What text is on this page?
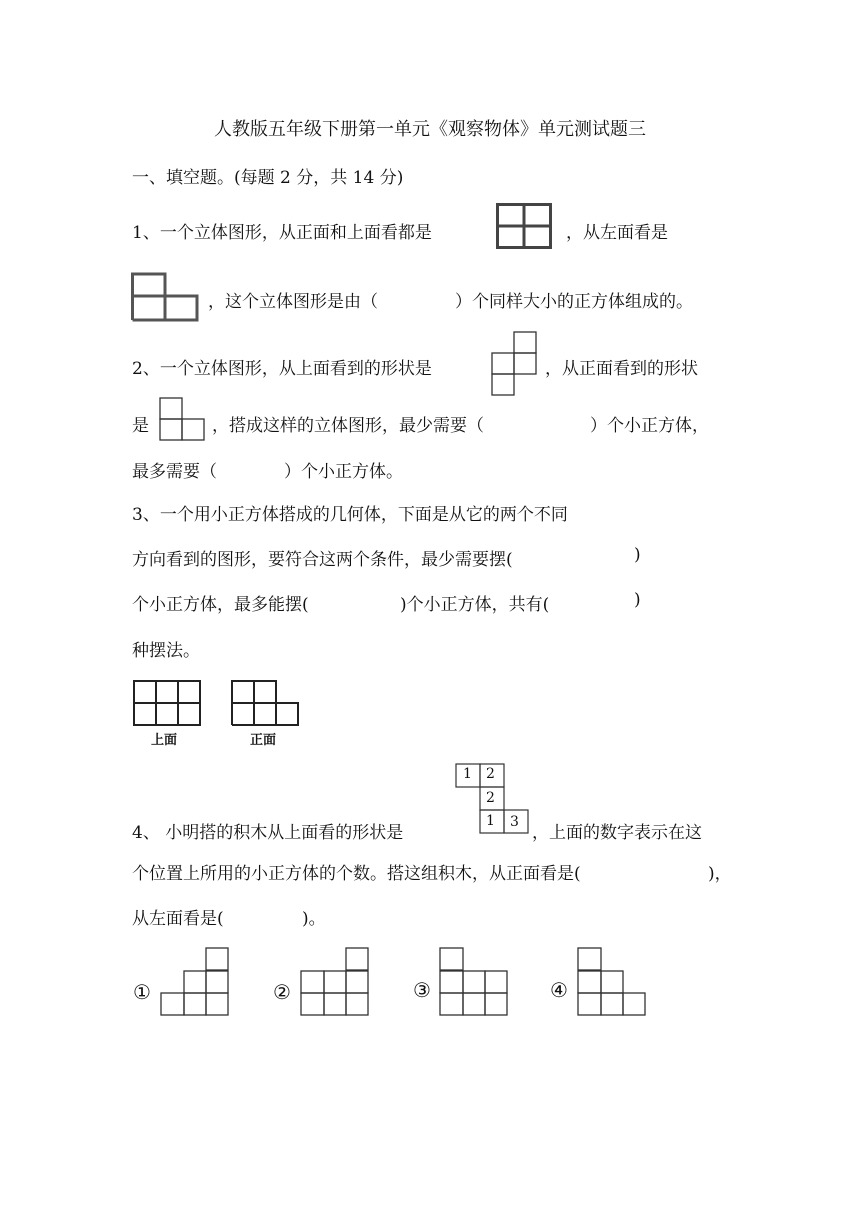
人教版五年级下册第一单元《观察物体》单元测试题三
一、填空题。(每题 2 分，共 14 分)
1、一个立体图形，从正面和上面看都是	，从左面看是
，这个立体图形是由（	）个同样大小的正方体组成的。
2、一个立体图形，从上面看到的形状是	，从正面看到的形状
是	，搭成这样的立体图形，最少需要（	）个小正方体，
最多需要（	）个小正方体。
3、一个用小正方体搭成的几何体，下面是从它的两个不同
方向看到的图形，要符合这两个条件，最少需要摆(	)
个小正方体，最多能摆(	)个小正方体，共有(	)
种摆法。
上面	正面
1 2
2
1 3
4、 小明搭的积木从上面看的形状是	，上面的数字表示在这
个位置上所用的小正方体的个数。搭这组积木，从正面看是(	)，
从左面看是(	)。
①	②	③	④
